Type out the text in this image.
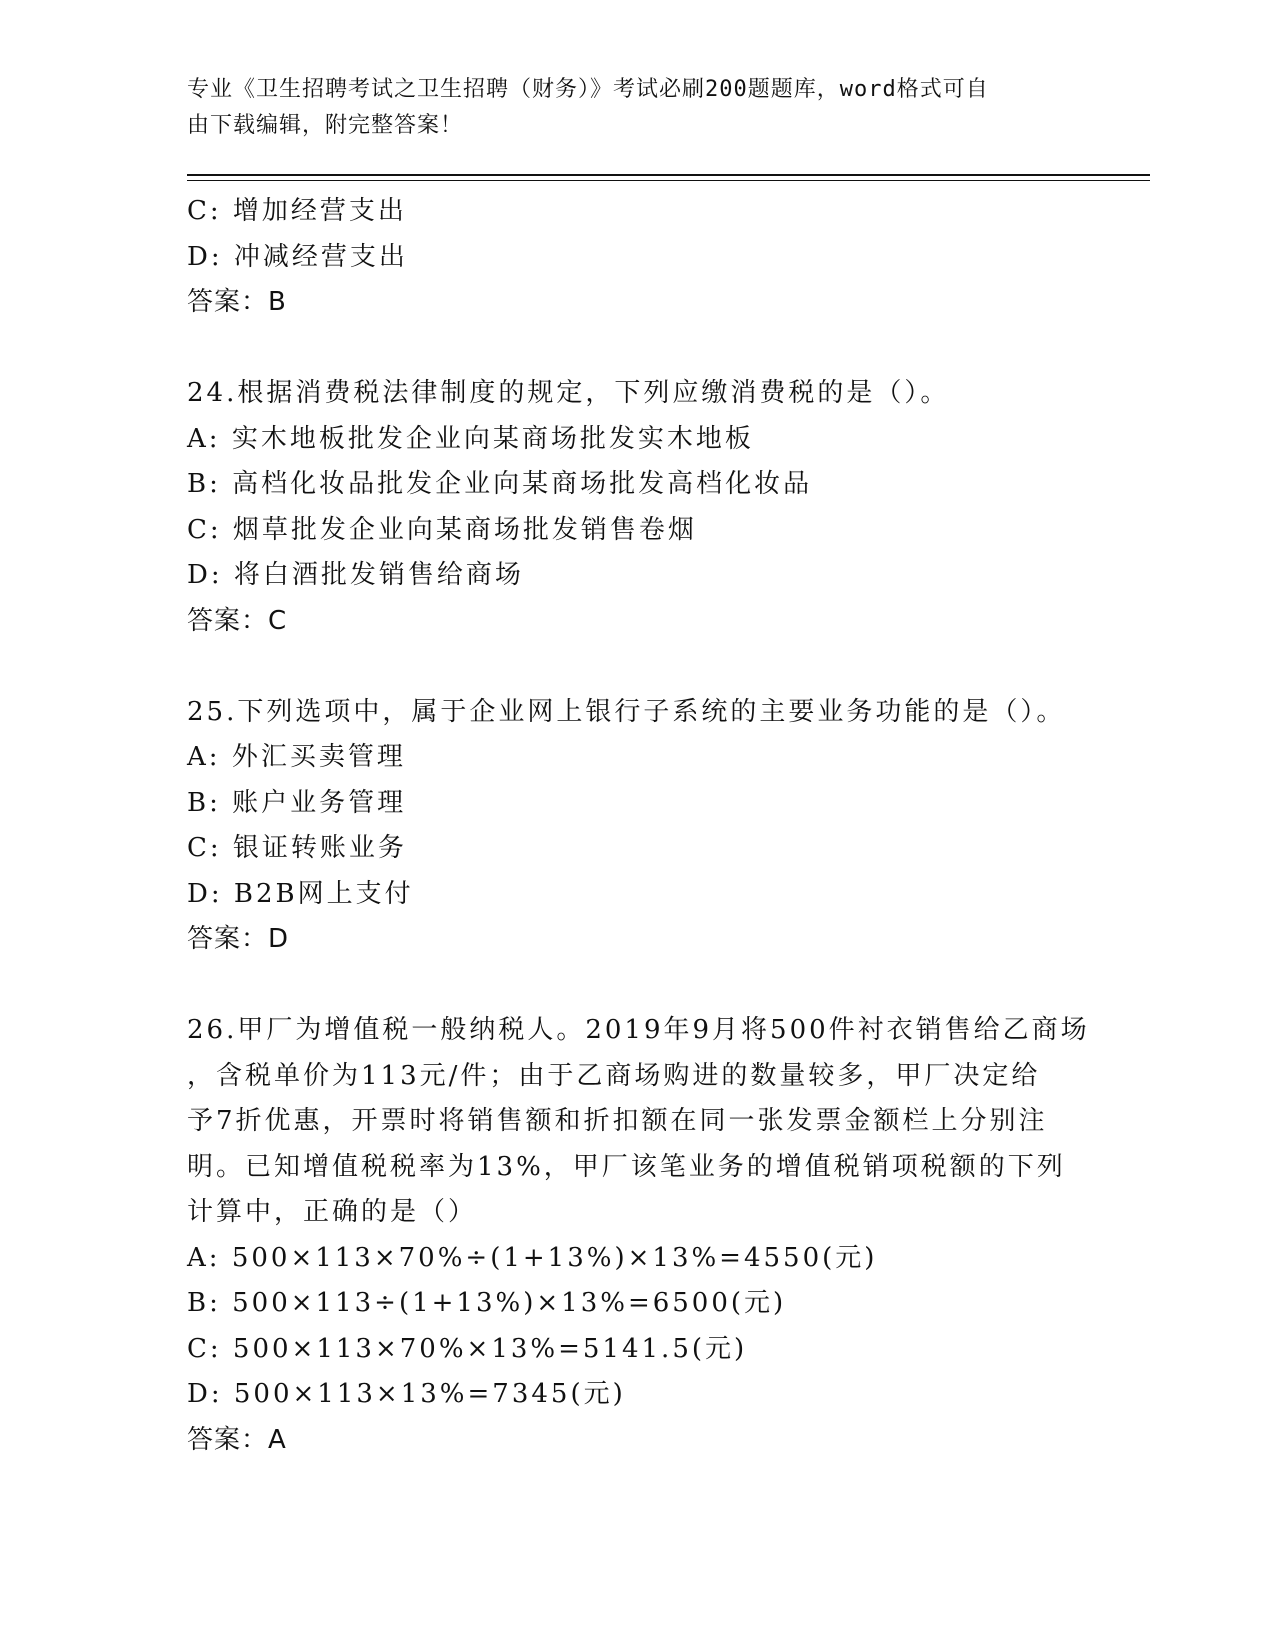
专业《卫生招聘考试之卫生招聘（财务）》考试必刷200题题库，word格式可自
由下载编辑，附完整答案！
C: 增加经营支出
D: 冲减经营支出
答案：B
24.根据消费税法律制度的规定，下列应缴消费税的是（）。
A: 实木地板批发企业向某商场批发实木地板
B: 高档化妆品批发企业向某商场批发高档化妆品
C: 烟草批发企业向某商场批发销售卷烟
D: 将白酒批发销售给商场
答案：C
25.下列选项中，属于企业网上银行子系统的主要业务功能的是（）。
A: 外汇买卖管理
B: 账户业务管理
C: 银证转账业务
D: B2B网上支付
答案：D
26.甲厂为增值税一般纳税人。2019年9月将500件衬衣销售给乙商场
，含税单价为113元/件；由于乙商场购进的数量较多，甲厂决定给
予7折优惠，开票时将销售额和折扣额在同一张发票金额栏上分别注
明。已知增值税税率为13%，甲厂该笔业务的增值税销项税额的下列
计算中，正确的是（）
A: 500×113×70%÷(1+13%)×13%=4550(元)
B: 500×113÷(1+13%)×13%=6500(元)
C: 500×113×70%×13%=5141.5(元)
D: 500×113×13%=7345(元)
答案：A
